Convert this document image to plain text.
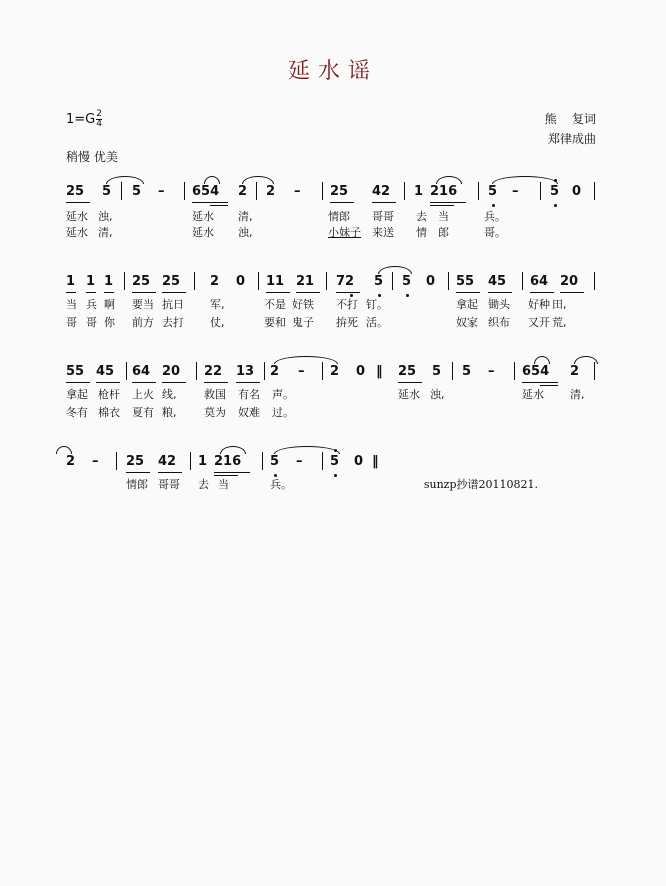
延水谣
$1=G \frac{2}{4}$	熊    复词
郑律成曲
稍慢 优美
25 5 5 – 654 2 2 – 25 42 1 216 5 – 5 0
延水 浊,	延水 清,	情郎 哥哥 去 当	兵。
延水 清,	延水 浊,	小妹子 来送 情 郎	哥。
1 1 1 25 25 2 0 11 21 72 5 5 0 55 45 64 20
当 兵 啊 要当 抗日 军,	不是 好铁 不打 钉。	拿起 锄头 好种 田,
哥 哥 你 前方 去打 仗,	要和 鬼子 拚死 活。	奴家 织布 又开 荒,
55 45 64 20 22 13 2 – 2 0 ‖ 25 5 5 – 654 2
拿起 枪杆 上火 线,	救国 有名 声。	延水 浊,	延水 清,
冬有 棉衣 夏有 粮,	莫为 奴难 过。
2 – 25 42 1 216 5 – 5 0 ‖
情郎 哥哥 去 当	兵。	sunzp抄谱20110821.
